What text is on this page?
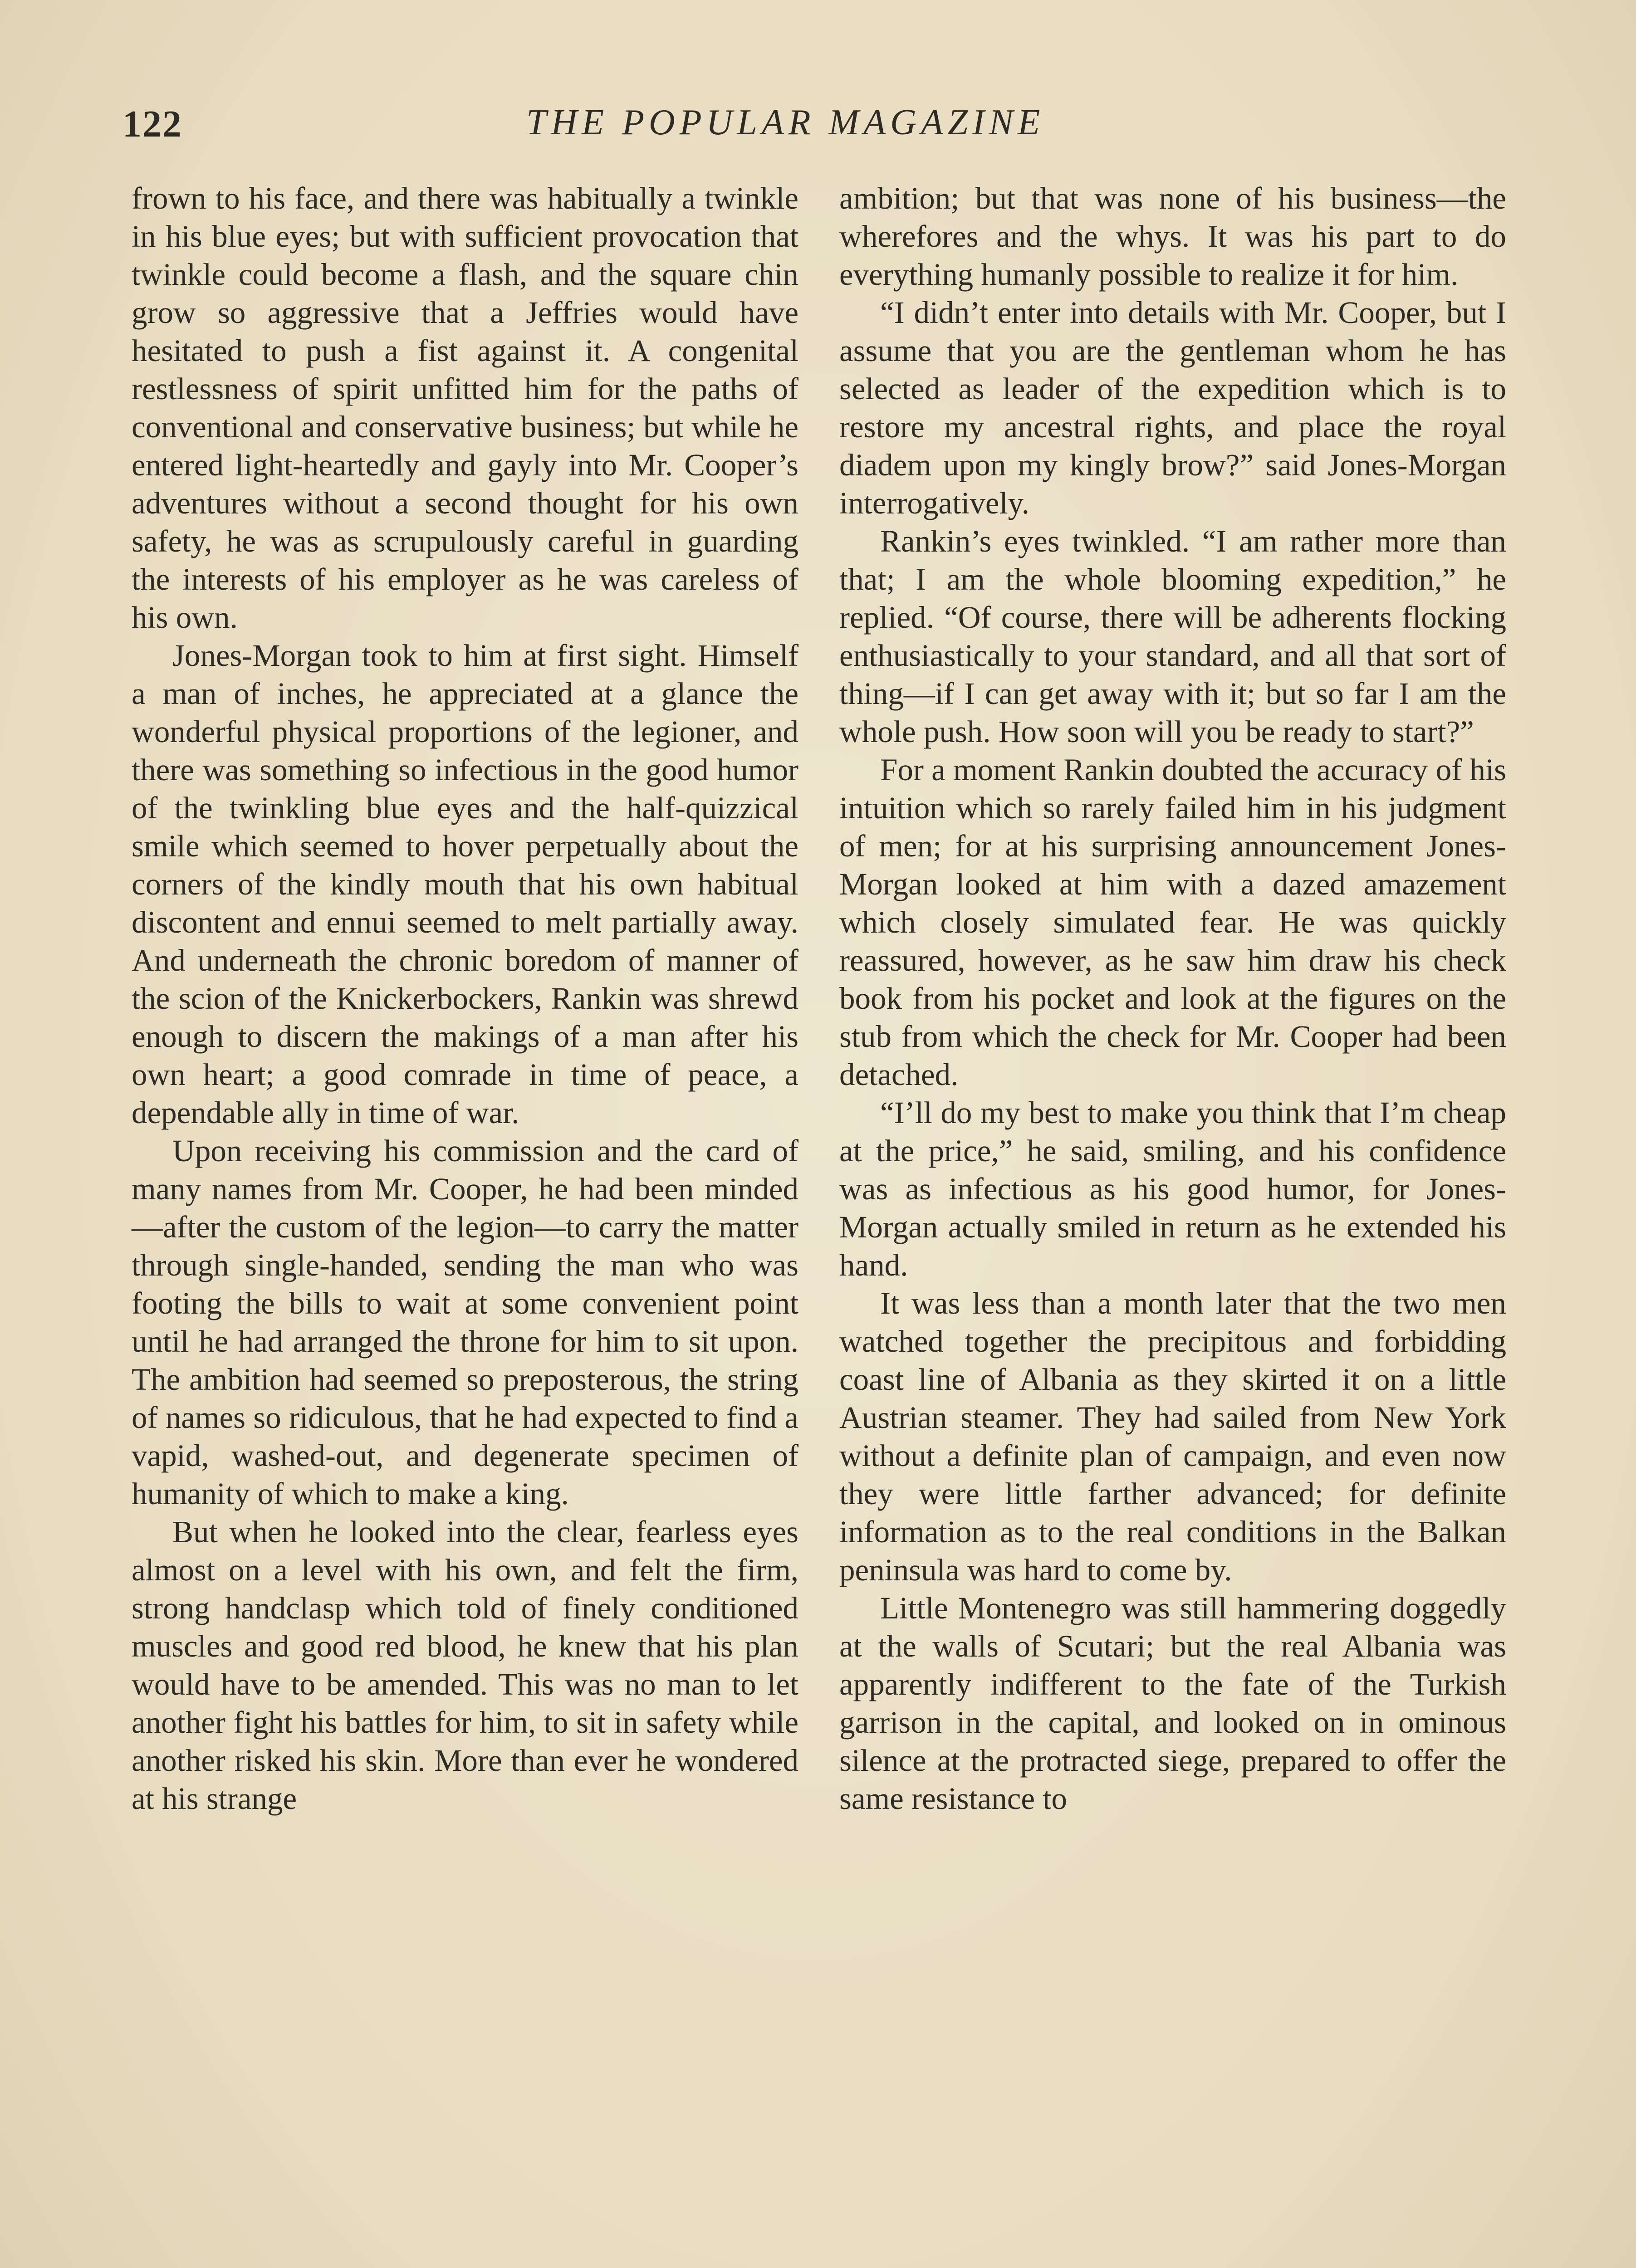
122	THE POPULAR MAGAZINE

frown to his face, and there was habitually a twinkle in his blue eyes; but with sufficient provocation that twinkle could become a flash, and the square chin grow so aggressive that a Jeffries would have hesitated to push a fist against it. A congenital restlessness of spirit unfitted him for the paths of conventional and conservative business; but while he entered light-heartedly and gayly into Mr. Cooper’s adventures without a second thought for his own safety, he was as scrupulously careful in guarding the interests of his employer as he was careless of his own.

Jones-Morgan took to him at first sight. Himself a man of inches, he appreciated at a glance the wonderful physical proportions of the legioner, and there was something so infectious in the good humor of the twinkling blue eyes and the half-quizzical smile which seemed to hover perpetually about the corners of the kindly mouth that his own habitual discontent and ennui seemed to melt partially away. And underneath the chronic boredom of manner of the scion of the Knickerbockers, Rankin was shrewd enough to discern the makings of a man after his own heart; a good comrade in time of peace, a dependable ally in time of war.

Upon receiving his commission and the card of many names from Mr. Cooper, he had been minded—after the custom of the legion—to carry the matter through single-handed, sending the man who was footing the bills to wait at some convenient point until he had arranged the throne for him to sit upon. The ambition had seemed so preposterous, the string of names so ridiculous, that he had expected to find a vapid, washed-out, and degenerate specimen of humanity of which to make a king.

But when he looked into the clear, fearless eyes almost on a level with his own, and felt the firm, strong handclasp which told of finely conditioned muscles and good red blood, he knew that his plan would have to be amended. This was no man to let another fight his battles for him, to sit in safety while another risked his skin. More than ever he wondered at his strange

ambition; but that was none of his business—the wherefores and the whys. It was his part to do everything humanly possible to realize it for him.

“I didn’t enter into details with Mr. Cooper, but I assume that you are the gentleman whom he has selected as leader of the expedition which is to restore my ancestral rights, and place the royal diadem upon my kingly brow?” said Jones-Morgan interrogatively.

Rankin’s eyes twinkled. “I am rather more than that; I am the whole blooming expedition,” he replied. “Of course, there will be adherents flocking enthusiastically to your standard, and all that sort of thing—if I can get away with it; but so far I am the whole push. How soon will you be ready to start?”

For a moment Rankin doubted the accuracy of his intuition which so rarely failed him in his judgment of men; for at his surprising announcement Jones-Morgan looked at him with a dazed amazement which closely simulated fear. He was quickly reassured, however, as he saw him draw his check book from his pocket and look at the figures on the stub from which the check for Mr. Cooper had been detached.

“I’ll do my best to make you think that I’m cheap at the price,” he said, smiling, and his confidence was as infectious as his good humor, for Jones-Morgan actually smiled in return as he extended his hand.

It was less than a month later that the two men watched together the precipitous and forbidding coast line of Albania as they skirted it on a little Austrian steamer. They had sailed from New York without a definite plan of campaign, and even now they were little farther advanced; for definite information as to the real conditions in the Balkan peninsula was hard to come by.

Little Montenegro was still hammering doggedly at the walls of Scutari; but the real Albania was apparently indifferent to the fate of the Turkish garrison in the capital, and looked on in ominous silence at the protracted siege, prepared to offer the same resistance to
